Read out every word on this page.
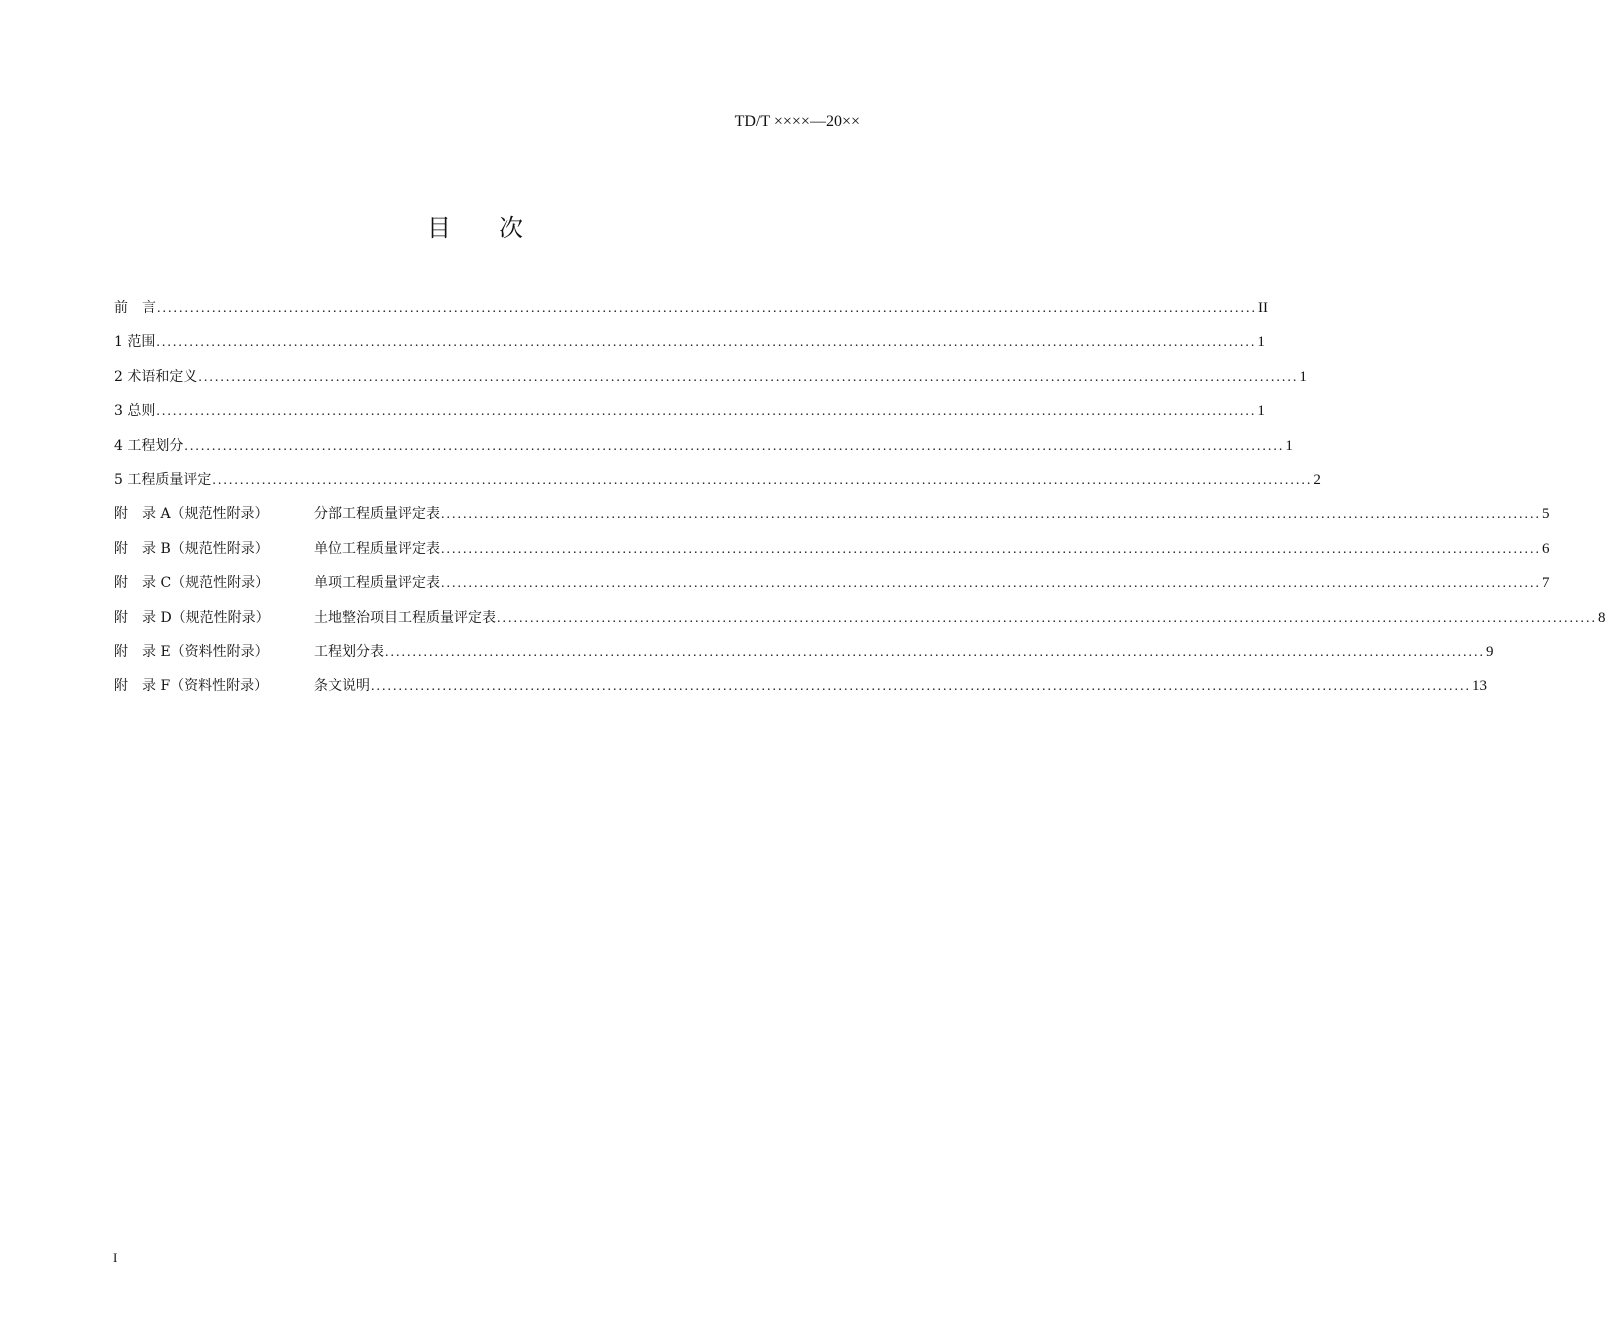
TD/T ××××—20××
目 次
前　言 ........................................................................................................................................................................................................ II
1 范围 ........................................................................................................................................................................................................ 1
2 术语和定义 ........................................................................................................................................................................................................ 1
3 总则 ........................................................................................................................................................................................................ 1
4 工程划分 ........................................................................................................................................................................................................ 1
5 工程质量评定 ........................................................................................................................................................................................................ 2
附　录 A（规范性附录）	分部工程质量评定表 ........................................................................................................................................................................................................ 5
附　录 B（规范性附录）	单位工程质量评定表 ........................................................................................................................................................................................................ 6
附　录 C（规范性附录）	单项工程质量评定表 ........................................................................................................................................................................................................ 7
附　录 D（规范性附录）	土地整治项目工程质量评定表 ........................................................................................................................................................................................................ 8
附　录 E（资料性附录）	工程划分表 ........................................................................................................................................................................................................ 9
附　录 F（资料性附录）	条文说明 ........................................................................................................................................................................................................ 13
I
